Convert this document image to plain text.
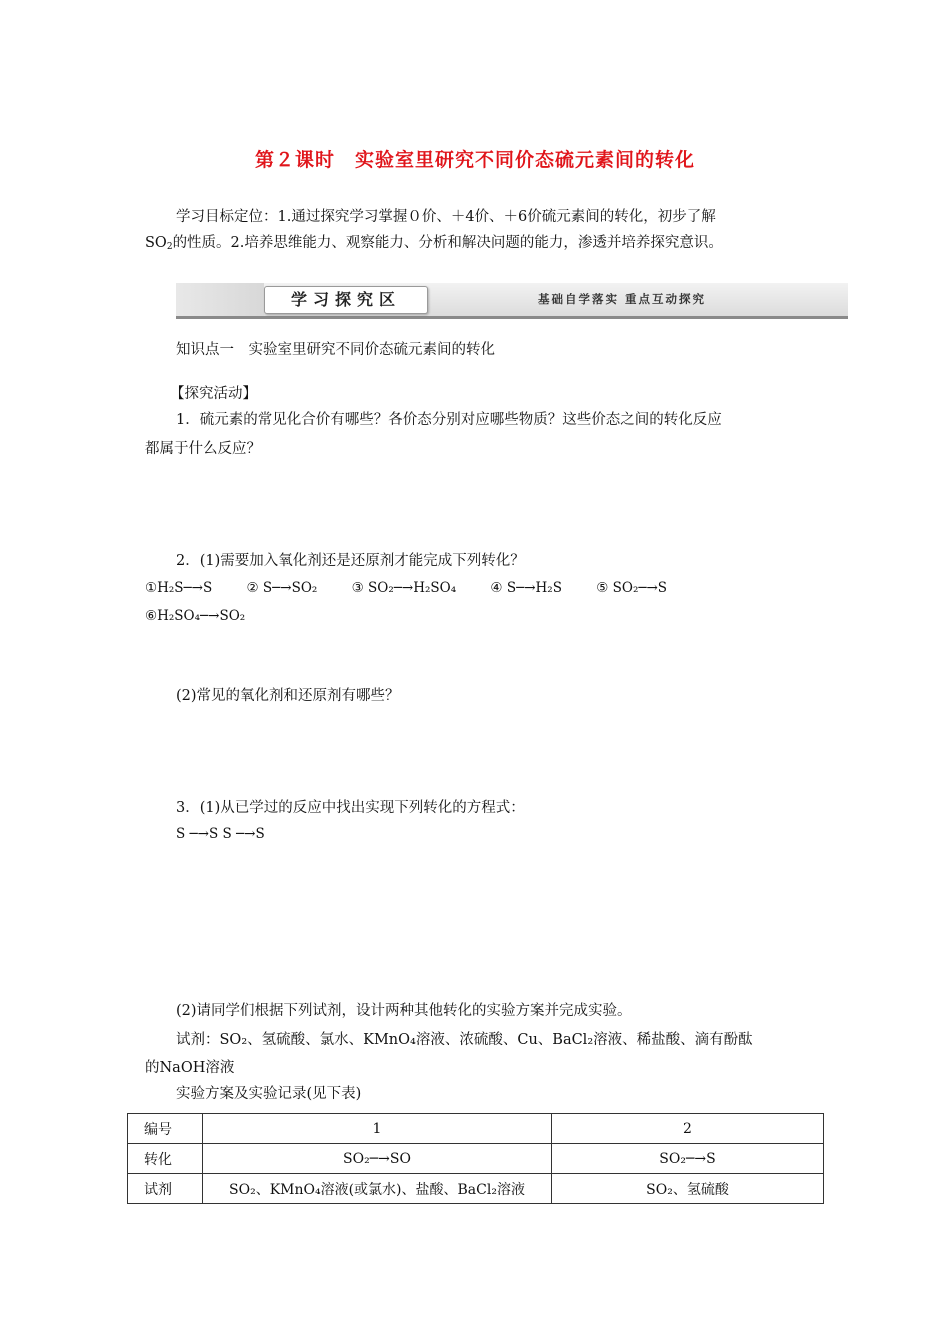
第２课时　实验室里研究不同价态硫元素间的转化
学习目标定位：1.通过探究学习掌握０价、＋4价、＋6价硫元素间的转化，初步了解
$SO_2$的性质。2.培养思维能力、观察能力、分析和解决问题的能力，渗透并培养探究意识。
学习探究区	基础自学落实 重点互动探究
知识点一　实验室里研究不同价态硫元素间的转化
【探究活动】
1．硫元素的常见化合价有哪些？各价态分别对应哪些物质？这些价态之间的转化反应
都属于什么反应？
2．(1)需要加入氧化剂还是还原剂才能完成下列转化？
①H₂S─→S	② S─→SO₂	③ SO₂─→H₂SO₄	④ S─→H₂S	⑤ SO₂─→S
⑥H₂SO₄─→SO₂
(2)常见的氧化剂和还原剂有哪些？
3．(1)从已学过的反应中找出实现下列转化的方程式：
S ─→S S ─→S
(2)请同学们根据下列试剂，设计两种其他转化的实验方案并完成实验。
试剂：SO₂、氢硫酸、氯水、KMnO₄溶液、浓硫酸、Cu、BaCl₂溶液、稀盐酸、滴有酚酞
的NaOH溶液
实验方案及实验记录(见下表)
编号	1	2
转化	SO₂─→SO	SO₂─→S
试剂	SO₂、KMnO₄溶液(或氯水)、盐酸、BaCl₂溶液	SO₂、氢硫酸
